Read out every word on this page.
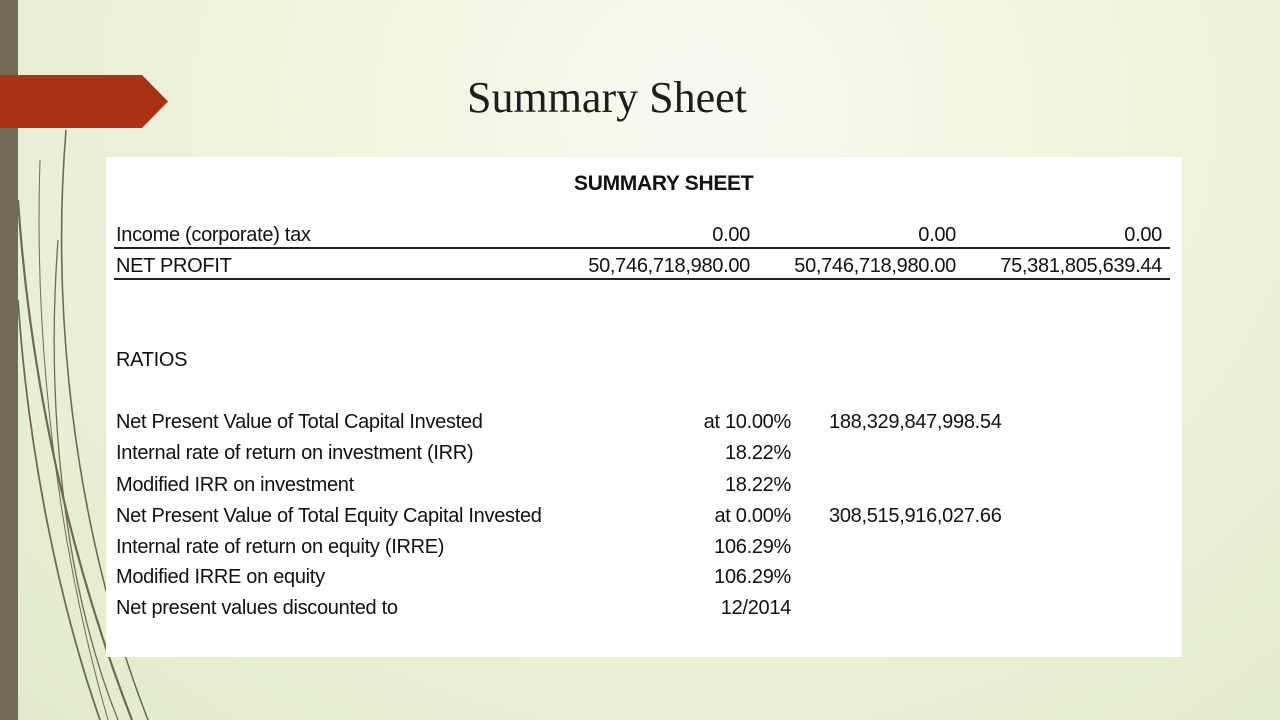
Summary Sheet
SUMMARY SHEET
Income (corporate) tax	0.00	0.00	0.00
NET PROFIT	50,746,718,980.00 50,746,718,980.00 75,381,805,639.44
RATIOS
Net Present Value of Total Capital Invested	at 10.00% 188,329,847,998.54
Internal rate of return on investment (IRR)	18.22%
Modified IRR on investment	18.22%
Net Present Value of Total Equity Capital Invested	at 0.00% 308,515,916,027.66
Internal rate of return on equity (IRRE)	106.29%
Modified IRRE on equity	106.29%
Net present values discounted to	12/2014
